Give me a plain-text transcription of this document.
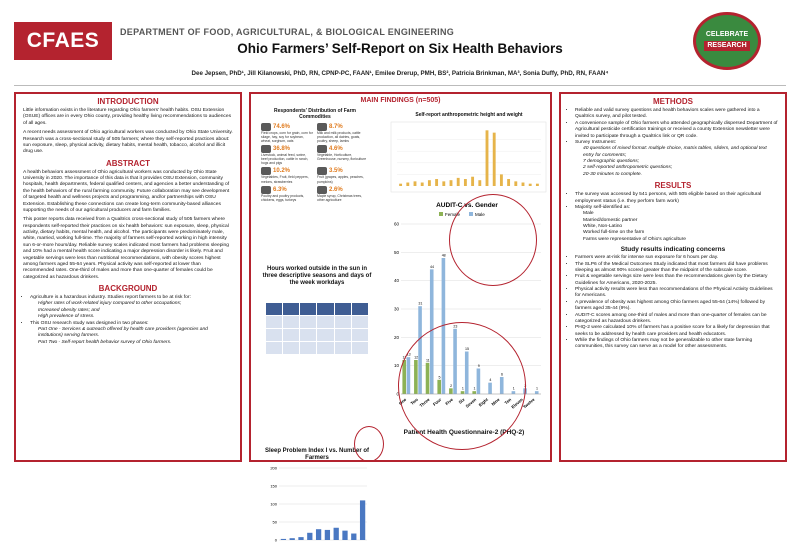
CFAES	DEPARTMENT OF FOOD, AGRICULTURAL, & BIOLOGICAL ENGINEERING
Ohio Farmers’ Self-Report on Six Health Behaviors
CELEBRATE
RESEARCH
Dee Jepsen, PhD¹, Jill Kilanowski, PhD, RN, CPNP-PC, FAAN¹, Emilee Drerup, PMH, BS², Patricia Brinkman, MA³, Sonia Duffy, PhD, RN, FAAN⁴
INTRODUCTION

Little information exists in the literature regarding Ohio farmers’ health habits. OSU Extension (OSUE) offices are in every Ohio county, providing healthy living recommendations to audiences of all ages.

A recent needs assessment of Ohio agricultural workers was conducted by Ohio State University. Research was a cross-sectional study of 505 farmers; where they self-reported practices about: sun exposure, sleep, physical activity, dietary habits, mental health, tobacco, alcohol and illicit drug use.

ABSTRACT

A health behaviors assessment of Ohio agricultural workers was conducted by Ohio State University in 2020. The importance of this data is that it provides OSU Extension, community hospitals, health departments, federal qualified centers, and agencies a better understanding of the health behaviors of the rural farming community. Future collaboration may see development of targeted health and wellness projects and programming, and/or partnerships with OSU Extension. Establishing these connections can create long-term community-based alliances supporting the needs of our agricultural producers and farm families.

This poster reports data received from a Qualtrics cross-sectional study of 505 farmers where respondents self-reported their practices on six health behaviors: sun exposure, sleep, physical activity, dietary habits, mental health, and alcohol. The participants were predominately male, white, married, working full-time. The majority of farmers self-reported working in high intensity sun 6-or-more hours/day. Reliable survey scales indicated most farmers had problems sleeping and 10% had a mental health score indicating a major depression disorder is likely. Fruit and vegetable servings were less than nutritional recommendations, with obesity scores highest among farmers aged 55-64 years. Physical activity was self-reported at lower than recommended rates. One-third of males and more than one-quarter of females could be categorized as hazardous drinkers.

BACKGROUND
• Agriculture is a hazardous industry. Studies report farmers to be at risk for:
Higher rates of work-related injury compared to other occupations;
Increased obesity rates; and
High prevalence of stress.
• This OSU research study was designed in two phases:
Part One - Services & outreach offered by health care providers (agencies and institutions) serving farmers.
Part Two - Self-report health behavior survey of Ohio farmers.
MAIN FINDINGS (n=505)
Respondents’ Distribution of Farm Commodities
74.6%
Field crops, corn for grain, corn for silage, hay, soy for soybean, wheat, sorghum, oats
8.7%
Milk and milk products, cattle production, all dairies, goats, poultry, sheep, lambs
36.8%
Livestock, animal feed, swine, beef production, cattle in ranch, hogs and pigs
4.6%
Vegetable, Horticulture, Greenhouse, nursery, floriculture
10.2%
Vegetables, Fruit, field peppers, melons, strawberries
3.5%
Fruit (grapes, apples, peaches, pumpkins)
6.3%
Poultry and poultry products, chickens, eggs, turkeys
2.6%
Maple syrup, Christmas trees, other agriculture
Self-report anthropometric height and weight
Hours worked outside in the sun in three descriptive seasons and days of the week workdays

Sleep Problem Index I vs. Number of Farmers
0
50
100
150
200
AUDIT-C vs. Gender
Female	Male
0
10
20
30
40
50
60
12
13
One
12
31
Two
11
44
Three
5
48
Four
2
23
Five
1
15
Six
1
9
Seven
4
Eight
6
Nine
1
Ten
2
Eleven
1
Twelve
Patient Health Questionnaire-2 (PHQ-2)
METHODS
• Reliable and valid survey questions and health behaviors scales were gathered into a Qualtrics survey, and pilot tested.
• A convenience sample of Ohio farmers who attended geographically dispersed Department of Agricultural pesticide certification trainings or received a county Extension newsletter were invited to participate through a Qualtrics link or QR code.
• Survey Instrument:
40 questions of mixed format: multiple choice, matrix tables, sliders, and optional text entry for comments;
7 demographic questions;
2 self-reported anthropometric questions;
20-30 minutes to complete.
RESULTS
• The survey was accessed by 541 persons, with 505 eligible based on their agricultural employment status (i.e. they perform farm work)
• Majority self-identified as:
Male
Married/domestic partner
White, Non-Latino
Worked full-time on the farm
Farms were representative of Ohio’s agriculture
Study results indicating concerns
• Farmers were at-risk for intense sun exposure for 6 hours per day.
• The SLP6 of the Medical Outcomes Study indicated that most farmers did have problems sleeping as almost 90% scored greater than the midpoint of the subscale score.
• Fruit & vegetable servings size were less than the recommendations given by the Dietary Guidelines for Americans, 2020-2025.
• Physical activity results were less than recommendations of the Physical Activity Guidelines for Americans.
• A prevalence of obesity was highest among Ohio farmers aged 55-64 (14%) followed by farmers aged 35-44 (9%).
• AUDIT-C scores among one-third of males and more than one-quarter of females can be categorized as hazardous drinkers.
• PHQ-2 were calculated 10% of farmers has a positive score for a likely for depression that seeks to be addressed by health care providers and health educators.
• While the findings of Ohio farmers may not be generalizable to other state farming communities, this survey can serve as a model for other assessments.
